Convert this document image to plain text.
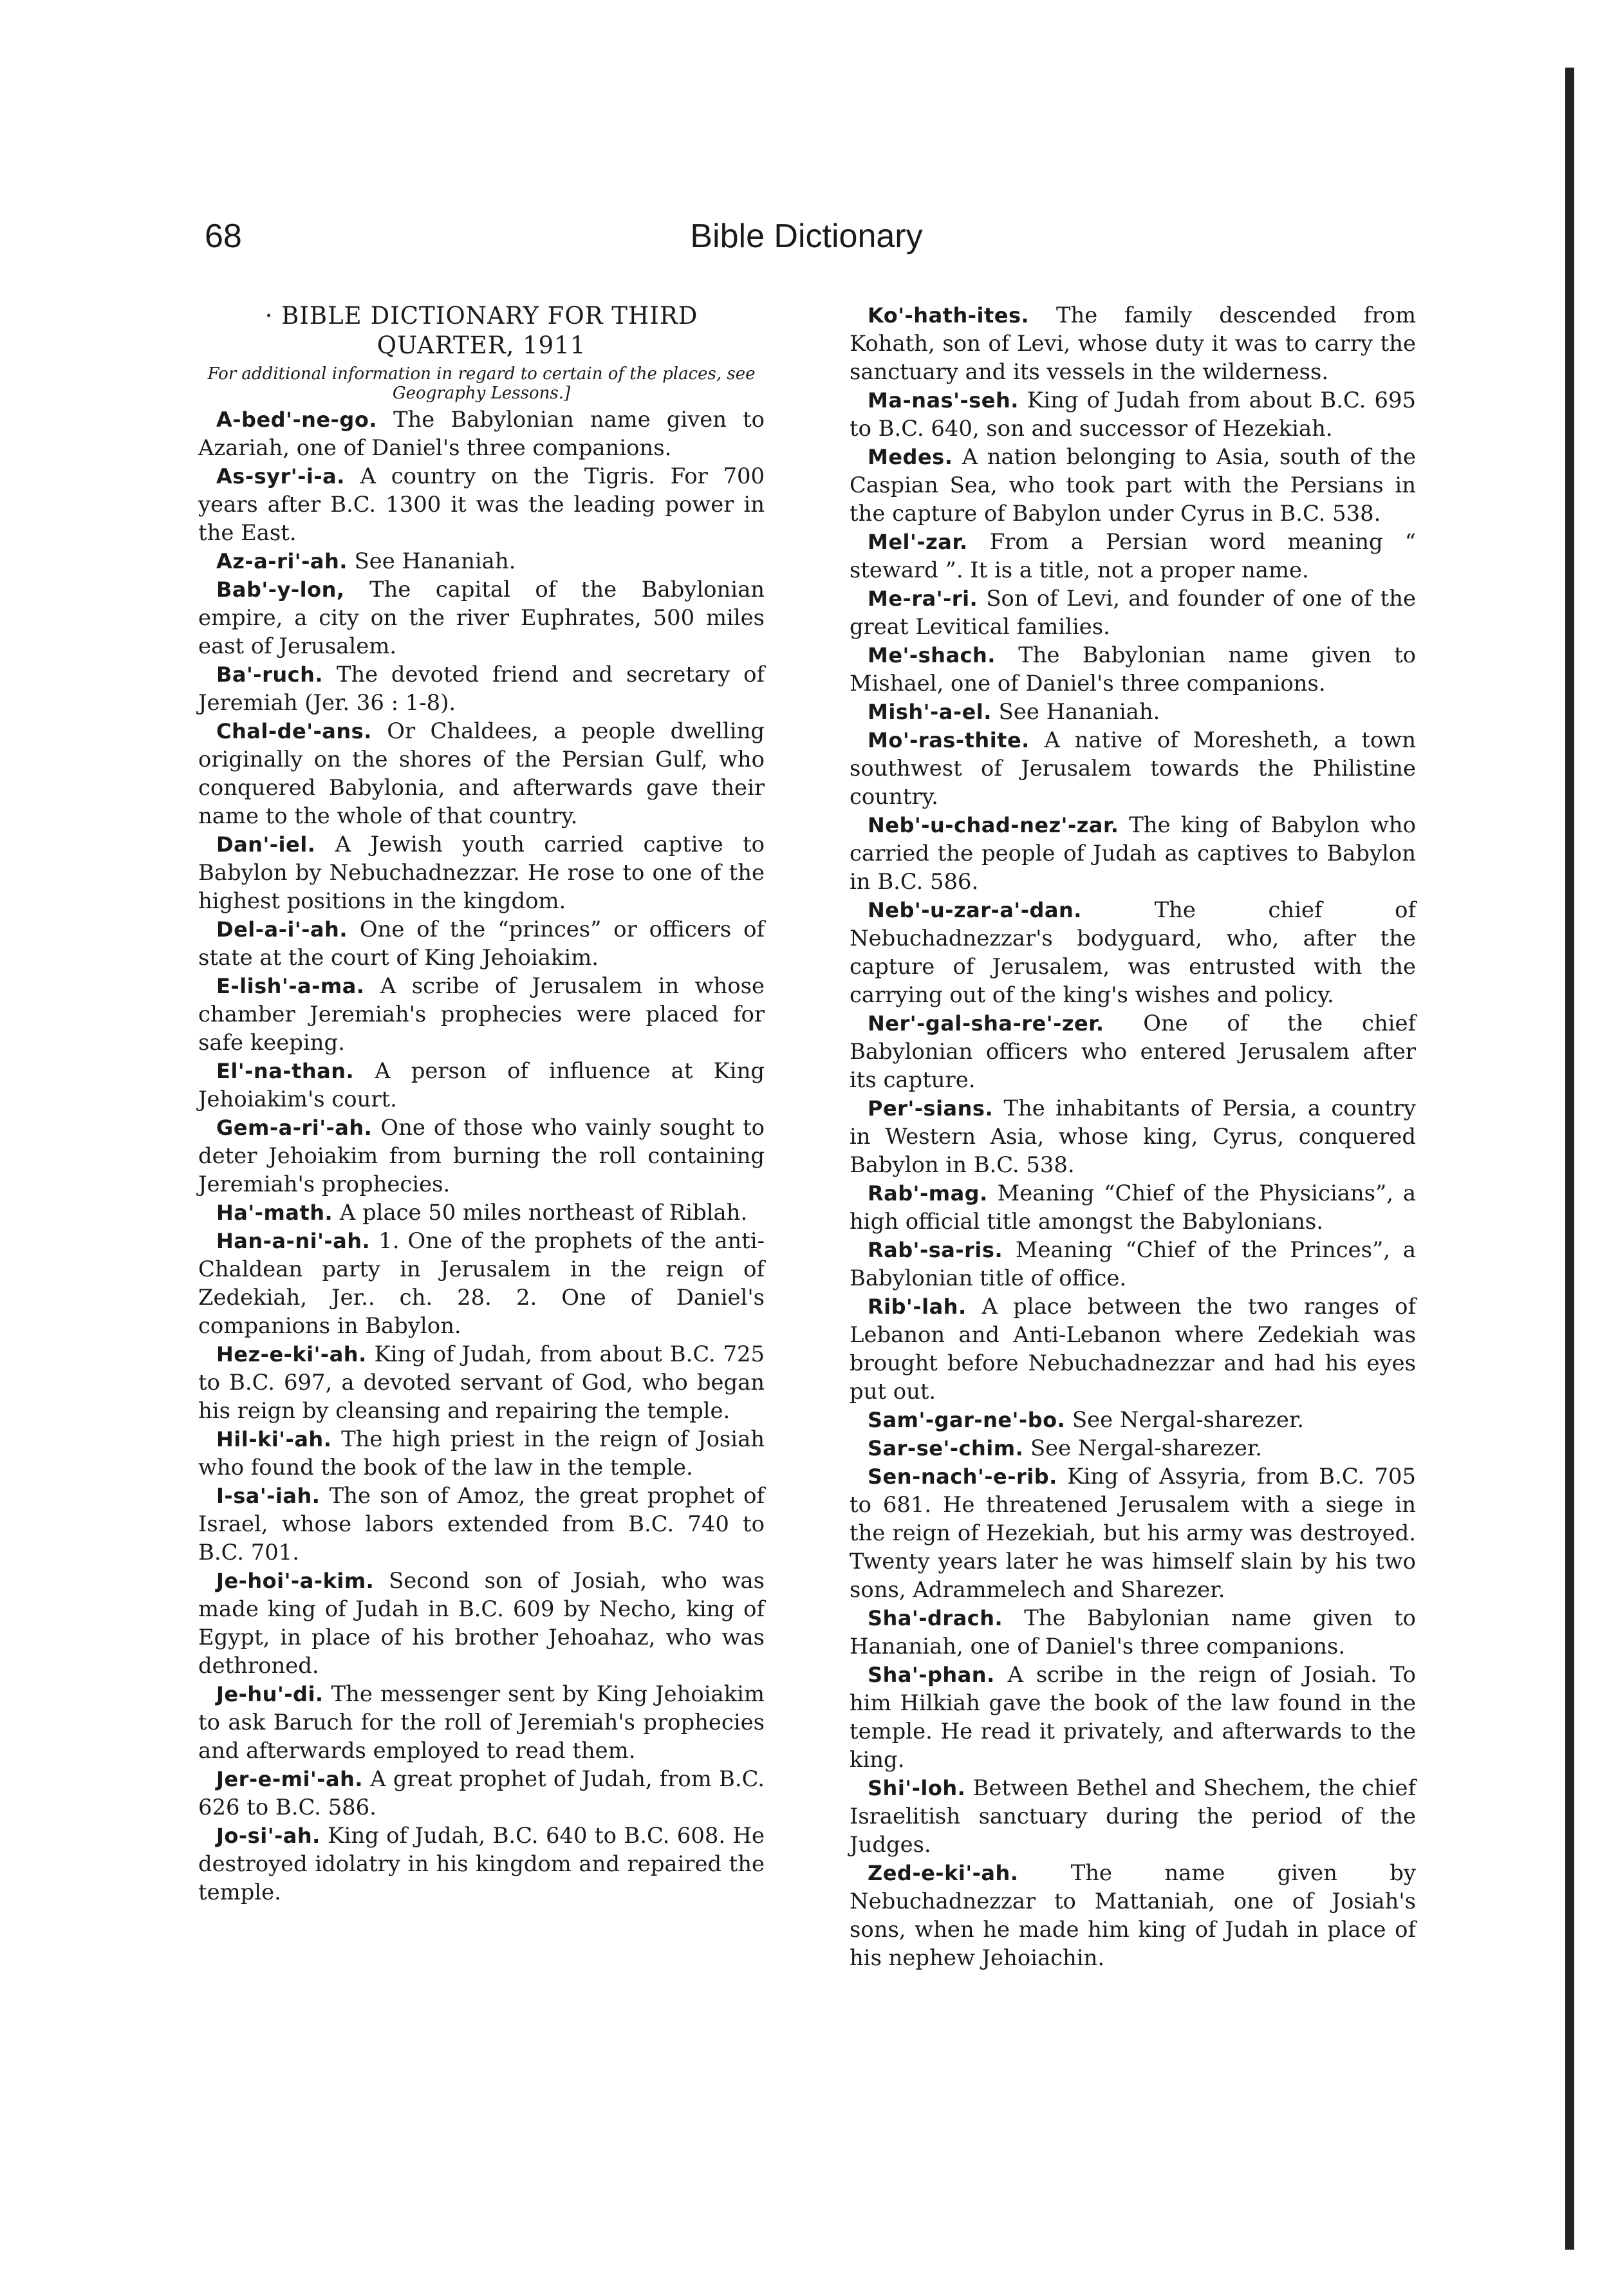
68	Bible Dictionary

· BIBLE DICTIONARY FOR THIRD QUARTER, 1911

For additional information in regard to certain of the places, see Geography Lessons.]

A-bed'-ne-go. The Babylonian name given to Azariah, one of Daniel's three companions.

As-syr'-i-a. A country on the Tigris. For 700 years after B.C. 1300 it was the leading power in the East.

Az-a-ri'-ah. See Hananiah.

Bab'-y-lon, The capital of the Babylonian empire, a city on the river Euphrates, 500 miles east of Jerusalem.

Ba'-ruch. The devoted friend and secretary of Jeremiah (Jer. 36 : 1-8).

Chal-de'-ans. Or Chaldees, a people dwelling originally on the shores of the Persian Gulf, who conquered Babylonia, and afterwards gave their name to the whole of that country.

Dan'-iel. A Jewish youth carried captive to Babylon by Nebuchadnezzar. He rose to one of the highest positions in the kingdom.

Del-a-i'-ah. One of the “princes” or officers of state at the court of King Jehoiakim.

E-lish'-a-ma. A scribe of Jerusalem in whose chamber Jeremiah's prophecies were placed for safe keeping.

El'-na-than. A person of influence at King Jehoiakim's court.

Gem-a-ri'-ah. One of those who vainly sought to deter Jehoiakim from burning the roll containing Jeremiah's prophecies.

Ha'-math. A place 50 miles northeast of Riblah.

Han-a-ni'-ah. 1. One of the prophets of the anti-Chaldean party in Jerusalem in the reign of Zedekiah, Jer.. ch. 28. 2. One of Daniel's companions in Babylon.

Hez-e-ki'-ah. King of Judah, from about B.C. 725 to B.C. 697, a devoted servant of God, who began his reign by cleansing and repairing the temple.

Hil-ki'-ah. The high priest in the reign of Josiah who found the book of the law in the temple.

I-sa'-iah. The son of Amoz, the great prophet of Israel, whose labors extended from B.C. 740 to B.C. 701.

Je-hoi'-a-kim. Second son of Josiah, who was made king of Judah in B.C. 609 by Necho, king of Egypt, in place of his brother Jehoahaz, who was dethroned.

Je-hu'-di. The messenger sent by King Jehoiakim to ask Baruch for the roll of Jeremiah's prophecies and afterwards employed to read them.

Jer-e-mi'-ah. A great prophet of Judah, from B.C. 626 to B.C. 586.

Jo-si'-ah. King of Judah, B.C. 640 to B.C. 608. He destroyed idolatry in his kingdom and repaired the temple.

Ko'-hath-ites. The family descended from Kohath, son of Levi, whose duty it was to carry the sanctuary and its vessels in the wilderness.

Ma-nas'-seh. King of Judah from about B.C. 695 to B.C. 640, son and successor of Hezekiah.

Medes. A nation belonging to Asia, south of the Caspian Sea, who took part with the Persians in the capture of Babylon under Cyrus in B.C. 538.

Mel'-zar. From a Persian word meaning “ steward ”. It is a title, not a proper name.

Me-ra'-ri. Son of Levi, and founder of one of the great Levitical families.

Me'-shach. The Babylonian name given to Mishael, one of Daniel's three companions.

Mish'-a-el. See Hananiah.

Mo'-ras-thite. A native of Moresheth, a town southwest of Jerusalem towards the Philistine country.

Neb'-u-chad-nez'-zar. The king of Babylon who carried the people of Judah as captives to Babylon in B.C. 586.

Neb'-u-zar-a'-dan.	The chief of Nebuchadnezzar's bodyguard, who, after the capture of Jerusalem, was entrusted with the carrying out of the king's wishes and policy.

Ner'-gal-sha-re'-zer. One of the chief Babylonian officers who entered Jerusalem after its capture.

Per'-sians. The inhabitants of Persia, a country in Western Asia, whose king, Cyrus, conquered Babylon in B.C. 538.

Rab'-mag. Meaning “Chief of the Physicians”, a high official title amongst the Babylonians.

Rab'-sa-ris. Meaning “Chief of the Princes”, a Babylonian title of office.

Rib'-lah. A place between the two ranges of Lebanon and Anti-Lebanon where Zedekiah was brought before Nebuchadnezzar and had his eyes put out.

Sam'-gar-ne'-bo. See Nergal-sharezer.

Sar-se'-chim. See Nergal-sharezer.

Sen-nach'-e-rib. King of Assyria, from B.C. 705 to 681. He threatened Jerusalem with a siege in the reign of Hezekiah, but his army was destroyed. Twenty years later he was himself slain by his two sons, Adrammelech and Sharezer.

Sha'-drach. The Babylonian name given to Hananiah, one of Daniel's three companions.

Sha'-phan. A scribe in the reign of Josiah. To him Hilkiah gave the book of the law found in the temple. He read it privately, and afterwards to the king.

Shi'-loh. Between Bethel and Shechem, the chief Israelitish sanctuary during the period of the Judges.

Zed-e-ki'-ah. The name given by Nebuchadnezzar to Mattaniah, one of Josiah's sons, when he made him king of Judah in place of his nephew Jehoiachin.
